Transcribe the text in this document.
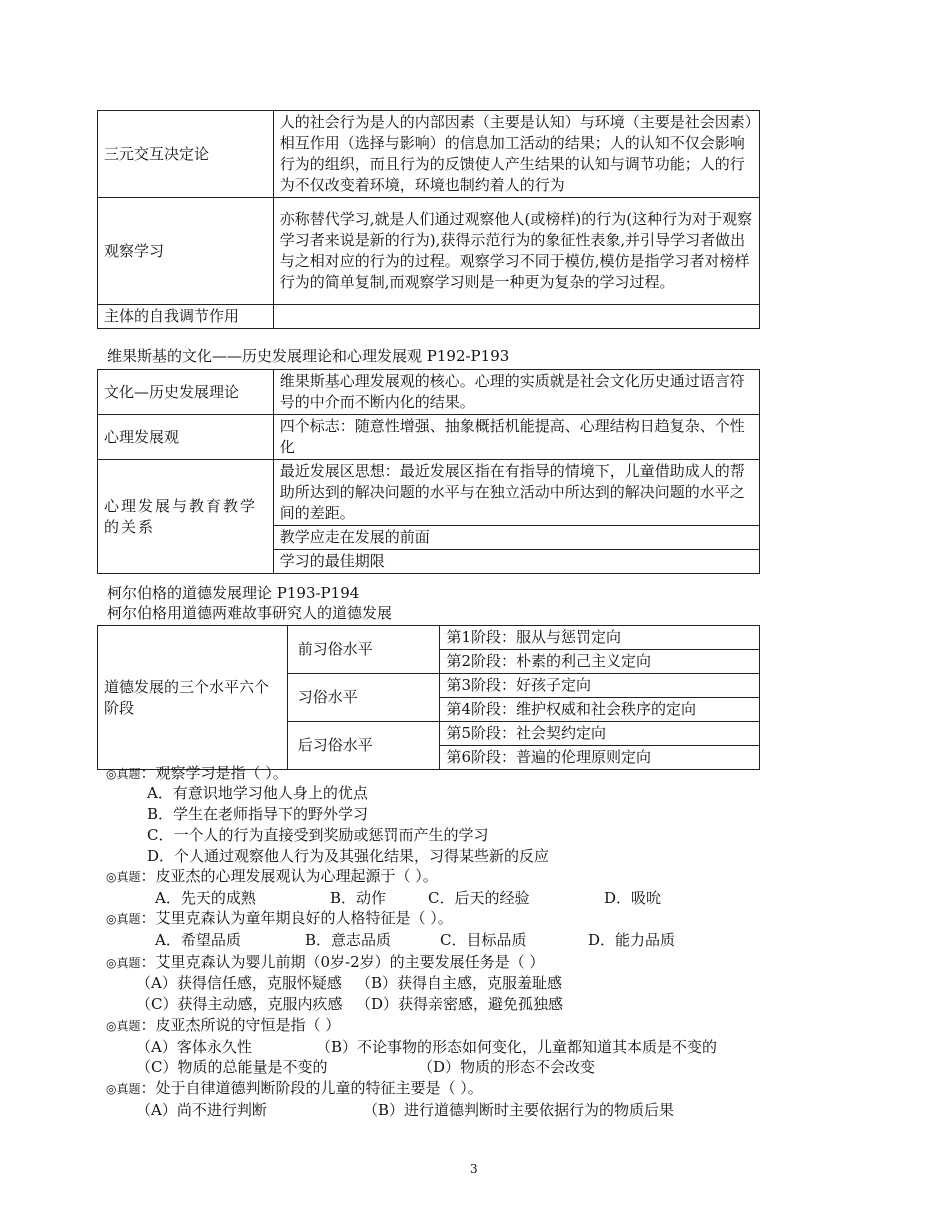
三元交互决定论	人的社会行为是人的内部因素（主要是认知）与环境（主要是社会因素）相互作用（选择与影响）的信息加工活动的结果；人的认知不仅会影响行为的组织，而且行为的反馈使人产生结果的认知与调节功能；人的行为不仅改变着环境，环境也制约着人的行为
观察学习	亦称替代学习,就是人们通过观察他人(或榜样)的行为(这种行为对于观察学习者来说是新的行为),获得示范行为的象征性表象,并引导学习者做出与之相对应的行为的过程。观察学习不同于模仿,模仿是指学习者对榜样行为的简单复制,而观察学习则是一种更为复杂的学习过程。
主体的自我调节作用	
维果斯基的文化——历史发展理论和心理发展观 P192-P193
文化—历史发展理论	维果斯基心理发展观的核心。心理的实质就是社会文化历史通过语言符号的中介而不断内化的结果。
心理发展观	四个标志：随意性增强、抽象概括机能提高、心理结构日趋复杂、个性化
心理发展与教育教学的关系	最近发展区思想：最近发展区指在有指导的情境下，儿童借助成人的帮助所达到的解决问题的水平与在独立活动中所达到的解决问题的水平之间的差距。
	教学应走在发展的前面
	学习的最佳期限
柯尔伯格的道德发展理论 P193-P194
柯尔伯格用道德两难故事研究人的道德发展
道德发展的三个水平六个阶段	前习俗水平	第1阶段：服从与惩罚定向
		第2阶段：朴素的利己主义定向
	习俗水平	第3阶段：好孩子定向
		第4阶段：维护权威和社会秩序的定向
	后习俗水平	第5阶段：社会契约定向
		第6阶段：普遍的伦理原则定向
◎真题：观察学习是指（ ）。
A．有意识地学习他人身上的优点
B．学生在老师指导下的野外学习
C．一个人的行为直接受到奖励或惩罚而产生的学习
D．个人通过观察他人行为及其强化结果，习得某些新的反应
◎真题：皮亚杰的心理发展观认为心理起源于（ ）。
A．先天的成熟	B．动作	C．后天的经验	D．吸吮
◎真题：艾里克森认为童年期良好的人格特征是（ ）。
A．希望品质	B．意志品质	C．目标品质	D．能力品质
◎真题：艾里克森认为婴儿前期（0岁-2岁）的主要发展任务是（ ）
（A）获得信任感，克服怀疑感 （B）获得自主感，克服羞耻感
（C）获得主动感，克服内疚感 （D）获得亲密感，避免孤独感
◎真题：皮亚杰所说的守恒是指（ ）
（A）客体永久性	（B）不论事物的形态如何变化，儿童都知道其本质是不变的
（C）物质的总能量是不变的	（D）物质的形态不会改变
◎真题：处于自律道德判断阶段的儿童的特征主要是（ ）。
（A）尚不进行判断	（B）进行道德判断时主要依据行为的物质后果
3
